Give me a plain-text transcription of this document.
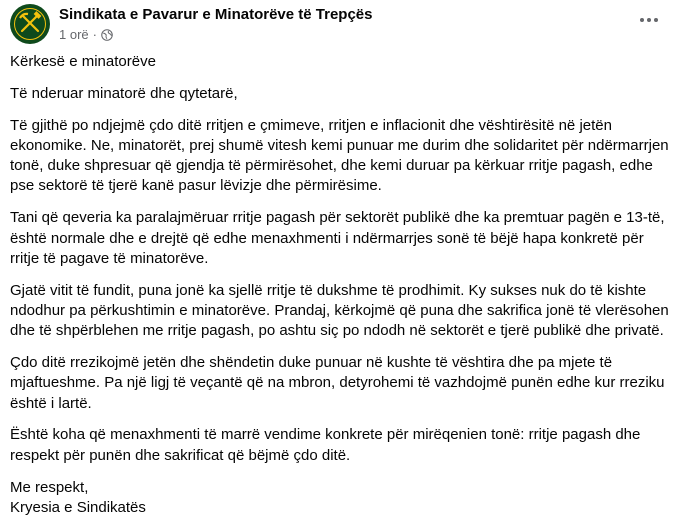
Sindikata e Pavarur e Minatorëve të Trepçës
1 orë ·

Kërkesë e minatorëve

Të nderuar minatorë dhe qytetarë,

Të gjithë po ndjejmë çdo ditë rritjen e çmimeve, rritjen e inflacionit dhe vështirësitë në jetën ekonomike. Ne, minatorët, prej shumë vitesh kemi punuar me durim dhe solidaritet për ndërmarrjen tonë, duke shpresuar që gjendja të përmirësohet, dhe kemi duruar pa kërkuar rritje pagash, edhe pse sektorë të tjerë kanë pasur lëvizje dhe përmirësime.

Tani që qeveria ka paralajmëruar rritje pagash për sektorët publikë dhe ka premtuar pagën e 13-të, është normale dhe e drejtë që edhe menaxhmenti i ndërmarrjes sonë të bëjë hapa konkretë për rritje të pagave të minatorëve.

Gjatë vitit të fundit, puna jonë ka sjellë rritje të dukshme të prodhimit. Ky sukses nuk do të kishte ndodhur pa përkushtimin e minatorëve. Prandaj, kërkojmë që puna dhe sakrifica jonë të vlerësohen dhe të shpërblehen me rritje pagash, po ashtu siç po ndodh në sektorët e tjerë publikë dhe privatë.

Çdo ditë rrezikojmë jetën dhe shëndetin duke punuar në kushte të vështira dhe pa mjete të mjaftueshme. Pa një ligj të veçantë që na mbron, detyrohemi të vazhdojmë punën edhe kur rreziku është i lartë.

Është koha që menaxhmenti të marrë vendime konkrete për mirëqenien tonë: rritje pagash dhe respekt për punën dhe sakrificat që bëjmë çdo ditë.

Me respekt,

Kryesia e Sindikatës
